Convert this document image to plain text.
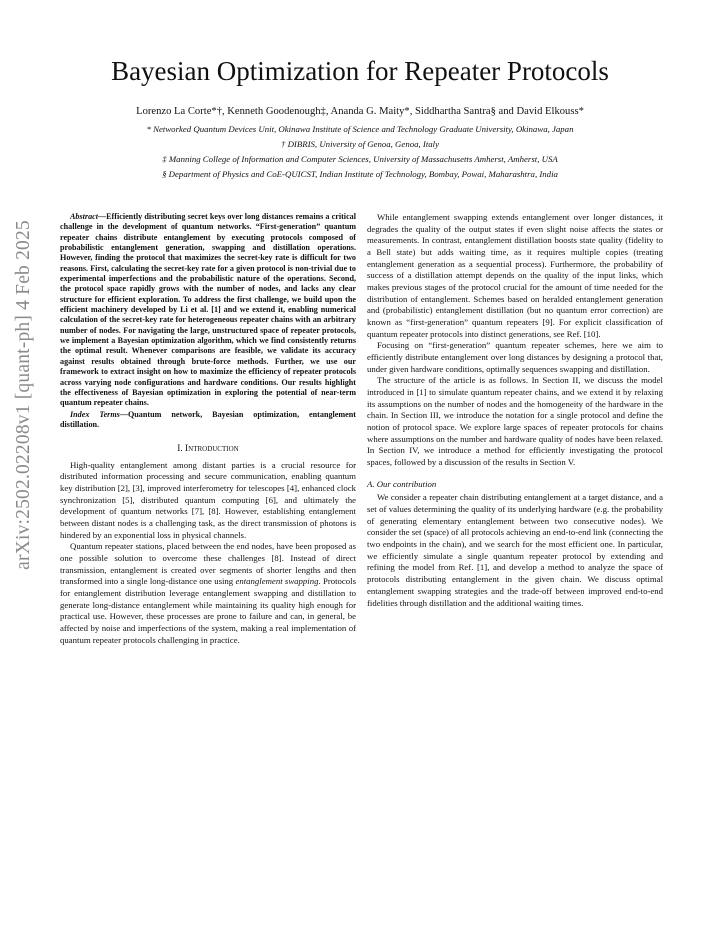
arXiv:2502.02208v1 [quant-ph] 4 Feb 2025
Bayesian Optimization for Repeater Protocols
Lorenzo La Corte*†, Kenneth Goodenough‡, Ananda G. Maity*, Siddhartha Santra§ and David Elkouss*
* Networked Quantum Devices Unit, Okinawa Institute of Science and Technology Graduate University, Okinawa, Japan
† DIBRIS, University of Genoa, Genoa, Italy
‡ Manning College of Information and Computer Sciences, University of Massachusetts Amherst, Amherst, USA
§ Department of Physics and CoE-QUICST, Indian Institute of Technology, Bombay, Powai, Maharashtra, India

Abstract—Efficiently distributing secret keys over long distances remains a critical challenge in the development of quantum networks. “First-generation” quantum repeater chains distribute entanglement by executing protocols composed of probabilistic entanglement generation, swapping and distillation operations. However, finding the protocol that maximizes the secret-key rate is difficult for two reasons. First, calculating the secret-key rate for a given protocol is non-trivial due to experimental imperfections and the probabilistic nature of the operations. Second, the protocol space rapidly grows with the number of nodes, and lacks any clear structure for efficient exploration. To address the first challenge, we build upon the efficient machinery developed by Li et al. [1] and we extend it, enabling numerical calculation of the secret-key rate for heterogeneous repeater chains with an arbitrary number of nodes. For navigating the large, unstructured space of repeater protocols, we implement a Bayesian optimization algorithm, which we find consistently returns the optimal result. Whenever comparisons are feasible, we validate its accuracy against results obtained through brute-force methods. Further, we use our framework to extract insight on how to maximize the efficiency of repeater protocols across varying node configurations and hardware conditions. Our results highlight the effectiveness of Bayesian optimization in exploring the potential of near-term quantum repeater chains.

Index Terms—Quantum network, Bayesian optimization, entanglement distillation.

I. Introduction

High-quality entanglement among distant parties is a crucial resource for distributed information processing and secure communication, enabling quantum key distribution [2], [3], improved interferometry for telescopes [4], enhanced clock synchronization [5], distributed quantum computing [6], and ultimately the development of quantum networks [7], [8]. However, establishing entanglement between distant nodes is a challenging task, as the direct transmission of photons is hindered by an exponential loss in physical channels.

Quantum repeater stations, placed between the end nodes, have been proposed as one possible solution to overcome these challenges [8]. Instead of direct transmission, entanglement is created over segments of shorter lengths and then transformed into a single long-distance one using entanglement swapping. Protocols for entanglement distribution leverage entanglement swapping and distillation to generate long-distance entanglement while maintaining its quality high enough for practical use. However, these processes are prone to failure and can, in general, be affected by noise and imperfections of the system, making a real implementation of quantum repeater protocols challenging in practice.

While entanglement swapping extends entanglement over longer distances, it degrades the quality of the output states if even slight noise affects the states or measurements. In contrast, entanglement distillation boosts state quality (fidelity to a Bell state) but adds waiting time, as it requires multiple copies (treating entanglement generation as a sequential process). Furthermore, the probability of success of a distillation attempt depends on the quality of the input links, which makes previous stages of the protocol crucial for the amount of time needed for the distribution of entanglement. Schemes based on heralded entanglement generation and (probabilistic) entanglement distillation (but no quantum error correction) are known as “first-generation” quantum repeaters [9]. For explicit classification of quantum repeater protocols into distinct generations, see Ref. [10].

Focusing on “first-generation” quantum repeater schemes, here we aim to efficiently distribute entanglement over long distances by designing a protocol that, under given hardware conditions, optimally sequences swapping and distillation.

The structure of the article is as follows. In Section II, we discuss the model introduced in [1] to simulate quantum repeater chains, and we extend it by relaxing its assumptions on the number of nodes and the homogeneity of the hardware in the chain. In Section III, we introduce the notation for a single protocol and define the notion of protocol space. We explore large spaces of repeater protocols for chains where assumptions on the number and hardware quality of nodes have been relaxed. In Section IV, we introduce a method for efficiently investigating the protocol spaces, followed by a discussion of the results in Section V.

A. Our contribution

We consider a repeater chain distributing entanglement at a target distance, and a set of values determining the quality of its underlying hardware (e.g. the probability of generating elementary entanglement between two consecutive nodes). We consider the set (space) of all protocols achieving an end-to-end link (connecting the two endpoints in the chain), and we search for the most efficient one. In particular, we efficiently simulate a single quantum repeater protocol by extending and refining the model from Ref. [1], and develop a method to analyze the space of protocols distributing entanglement in the given chain. We discuss optimal entanglement swapping strategies and the trade-off between improved end-to-end fidelities through distillation and the additional waiting times.
